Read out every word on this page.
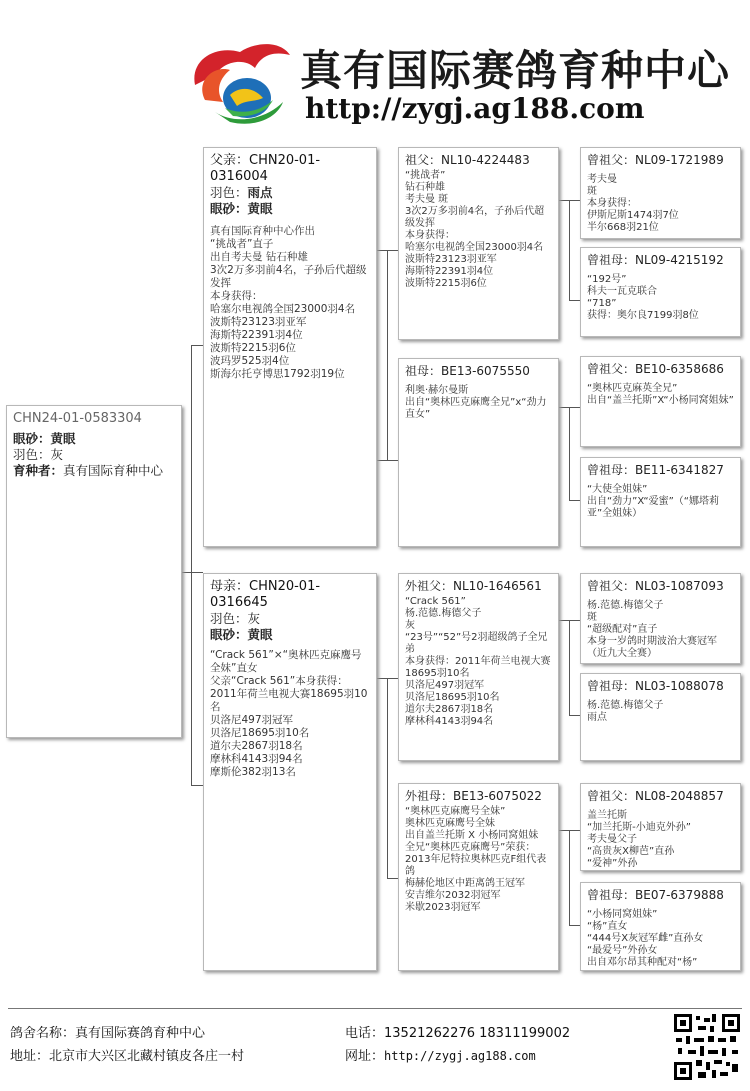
真有国际赛鸽育种中心
http://zygj.ag188.com
CHN24-01-0583304
眼砂：黄眼
羽色：灰
育种者：真有国际育种中心
父亲：CHN20-01-0316004
羽色：雨点
眼砂：黄眼
真有国际育种中心作出
“挑战者”直子
出自考夫曼 钻石种雄
3次2万多羽前4名，子孙后代超级发挥
本身获得：
哈塞尔电视鸽全国23000羽4名
波斯特23123羽亚军
海斯特22391羽4位
波斯特2215羽6位
波玛罗525羽4位
斯海尔托亨博思1792羽19位
母亲：CHN20-01-0316645
羽色：灰
眼砂：黄眼
“Crack 561”×“奥林匹克麻鹰号全妹”直女
父亲“Crack 561”本身获得：
2011年荷兰电视大赛18695羽10名
贝洛尼497羽冠军
贝洛尼18695羽10名
道尔夫2867羽18名
摩林科4143羽94名
摩斯伦382羽13名
祖父：NL10-4224483
“挑战者”
钻石种雄
考夫曼 斑
3次2万多羽前4名，子孙后代超级发挥
本身获得：
哈塞尔电视鸽全国23000羽4名
波斯特23123羽亚军
海斯特22391羽4位
波斯特2215羽6位
祖母：BE13-6075550
利奥·赫尔曼斯
出自“奥林匹克麻鹰全兄”x“劲力直女”
外祖父：NL10-1646561
“Crack 561”
杨.范德.梅德父子
灰
“23号”“52”号2羽超级鸽子全兄弟
本身获得：2011年荷兰电视大赛18695羽10名
贝洛尼497羽冠军
贝洛尼18695羽10名
道尔夫2867羽18名
摩林科4143羽94名
外祖母：BE13-6075022
“奥林匹克麻鹰号全妹”
奥林匹克麻鹰号全妹
出自盖兰托斯 X 小杨同窝姐妹
全兄“奥林匹克麻鹰号”荣获：
2013年尼特拉奥林匹克F组代表鸽
梅赫伦地区中距离鸽王冠军
安吉维尔2032羽冠军
米歇2023羽冠军
曾祖父：NL09-1721989
考夫曼
斑
本身获得：
伊斯尼斯1474羽7位
半尔668羽21位
曾祖母：NL09-4215192
“192号”
科夫一瓦克联合
“718”
获得：奥尔良7199羽8位
曾祖父：BE10-6358686
“奥林匹克麻英全兄”
出自“盖兰托斯”X“小杨同窝姐妹”
曾祖母：BE11-6341827
“大使全姐妹”
出自“劲力”X“爱蜜”（“娜塔莉亚”全姐妹）
曾祖父：NL03-1087093
杨.范德.梅德父子
斑
“超级配对”直子
本身一岁鸽时期波治大赛冠军（近九大全赛）
曾祖母：NL03-1088078
杨.范德.梅德父子
雨点
曾祖父：NL08-2048857
盖兰托斯
“加兰托斯-小迪克外孙”
考夫曼父子
“高贵灰X柳芭”直孙
“爱神”外孙
曾祖母：BE07-6379888
“小杨同窝姐妹”
“杨”直女
“444号X灰冠军雌”直孙女
“最爱号”外孙女
出自邓尔昂其种配对“杨”
鸽舍名称：真有国际赛鸽育种中心	电话：13521262276 18311199002
地址：北京市大兴区北藏村镇皮各庄一村	网址：http://zygj.ag188.com
